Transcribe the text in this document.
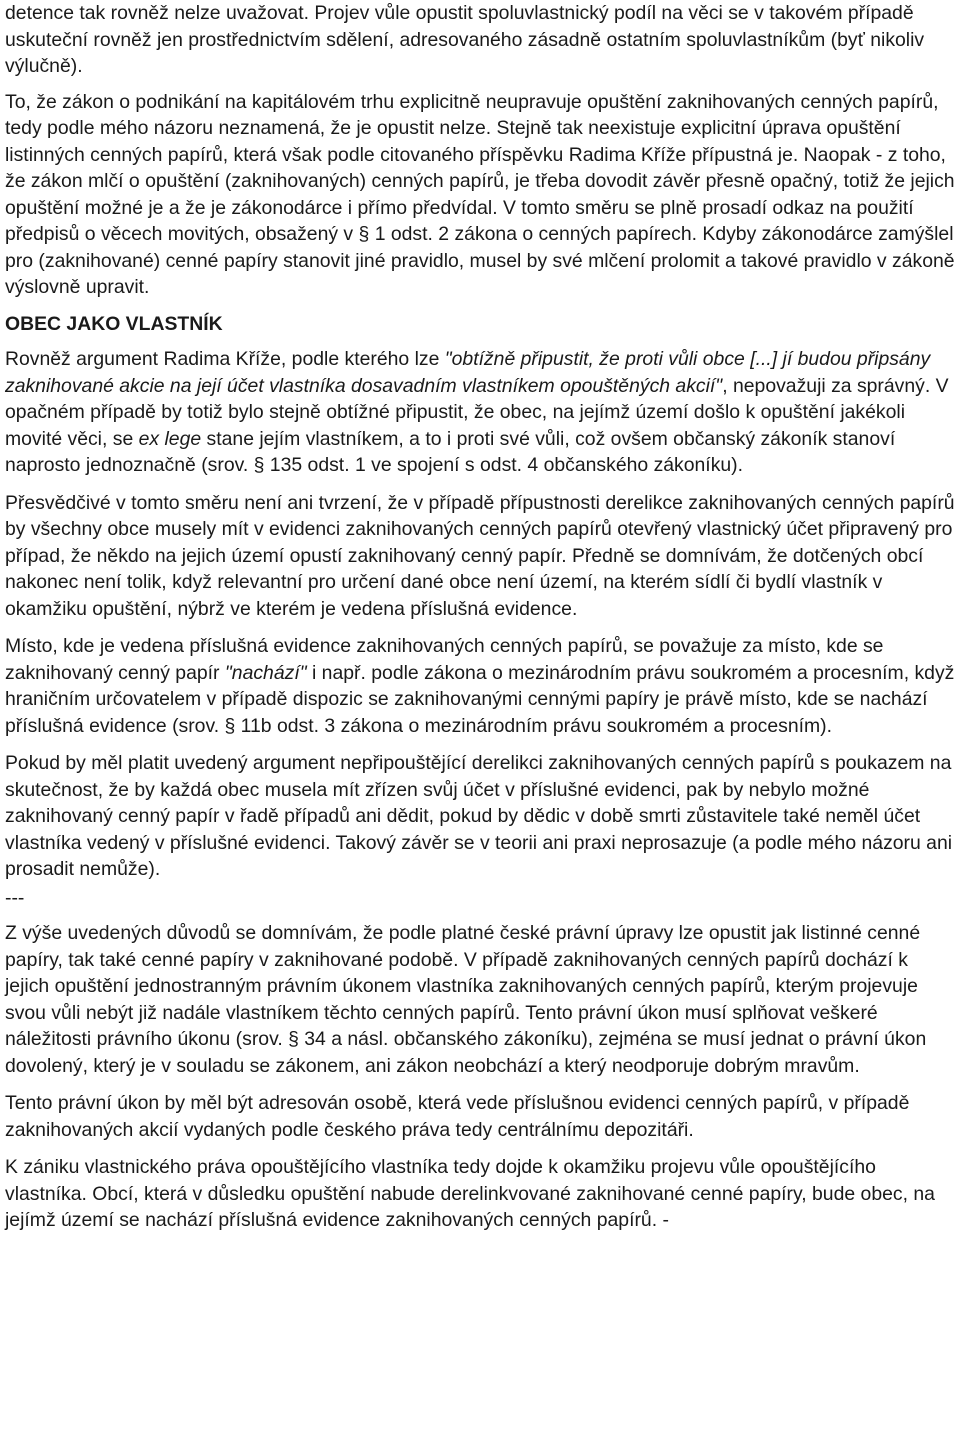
detence tak rovněž nelze uvažovat. Projev vůle opustit spoluvlastnický podíl na věci se v takovém případě uskuteční rovněž jen prostřednictvím sdělení, adresovaného zásadně ostatním spoluvlastníkům (byť nikoliv výlučně).

To, že zákon o podnikání na kapitálovém trhu explicitně neupravuje opuštění zaknihovaných cenných papírů, tedy podle mého názoru neznamená, že je opustit nelze. Stejně tak neexistuje explicitní úprava opuštění listinných cenných papírů, která však podle citovaného příspěvku Radima Kříže přípustná je. Naopak - z toho, že zákon mlčí o opuštění (zaknihovaných) cenných papírů, je třeba dovodit závěr přesně opačný, totiž že jejich opuštění možné je a že je zákonodárce i přímo předvídal. V tomto směru se plně prosadí odkaz na použití předpisů o věcech movitých, obsažený v § 1 odst. 2 zákona o cenných papírech. Kdyby zákonodárce zamýšlel pro (zaknihované) cenné papíry stanovit jiné pravidlo, musel by své mlčení prolomit a takové pravidlo v zákoně výslovně upravit.

OBEC JAKO VLASTNÍK

Rovněž argument Radima Kříže, podle kterého lze "obtížně připustit, že proti vůli obce [...] jí budou připsány zaknihované akcie na její účet vlastníka dosavadním vlastníkem opouštěných akcií", nepovažuji za správný. V opačném případě by totiž bylo stejně obtížné připustit, že obec, na jejímž území došlo k opuštění jakékoli movité věci, se ex lege stane jejím vlastníkem, a to i proti své vůli, což ovšem občanský zákoník stanoví naprosto jednoznačně (srov. § 135 odst. 1 ve spojení s odst. 4 občanského zákoníku).

Přesvědčivé v tomto směru není ani tvrzení, že v případě přípustnosti derelikce zaknihovaných cenných papírů by všechny obce musely mít v evidenci zaknihovaných cenných papírů otevřený vlastnický účet připravený pro případ, že někdo na jejich území opustí zaknihovaný cenný papír. Předně se domnívám, že dotčených obcí nakonec není tolik, když relevantní pro určení dané obce není území, na kterém sídlí či bydlí vlastník v okamžiku opuštění, nýbrž ve kterém je vedena příslušná evidence.

Místo, kde je vedena příslušná evidence zaknihovaných cenných papírů, se považuje za místo, kde se zaknihovaný cenný papír "nachází" i např. podle zákona o mezinárodním právu soukromém a procesním, když hraničním určovatelem v případě dispozic se zaknihovanými cennými papíry je právě místo, kde se nachází příslušná evidence (srov. § 11b odst. 3 zákona o mezinárodním právu soukromém a procesním).

Pokud by měl platit uvedený argument nepřipouštějící derelikci zaknihovaných cenných papírů s poukazem na skutečnost, že by každá obec musela mít zřízen svůj účet v příslušné evidenci, pak by nebylo možné zaknihovaný cenný papír v řadě případů ani dědit, pokud by dědic v době smrti zůstavitele také neměl účet vlastníka vedený v příslušné evidenci. Takový závěr se v teorii ani praxi neprosazuje (a podle mého názoru ani prosadit nemůže).

---

Z výše uvedených důvodů se domnívám, že podle platné české právní úpravy lze opustit jak listinné cenné papíry, tak také cenné papíry v zaknihované podobě. V případě zaknihovaných cenných papírů dochází k jejich opuštění jednostranným právním úkonem vlastníka zaknihovaných cenných papírů, kterým projevuje svou vůli nebýt již nadále vlastníkem těchto cenných papírů. Tento právní úkon musí splňovat veškeré náležitosti právního úkonu (srov. § 34 a násl. občanského zákoníku), zejména se musí jednat o právní úkon dovolený, který je v souladu se zákonem, ani zákon neobchází a který neodporuje dobrým mravům.

Tento právní úkon by měl být adresován osobě, která vede příslušnou evidenci cenných papírů, v případě zaknihovaných akcií vydaných podle českého práva tedy centrálnímu depozitáři.

K zániku vlastnického práva opouštějícího vlastníka tedy dojde k okamžiku projevu vůle opouštějícího vlastníka. Obcí, která v důsledku opuštění nabude derelinkvované zaknihované cenné papíry, bude obec, na jejímž území se nachází příslušná evidence zaknihovaných cenných papírů. -
